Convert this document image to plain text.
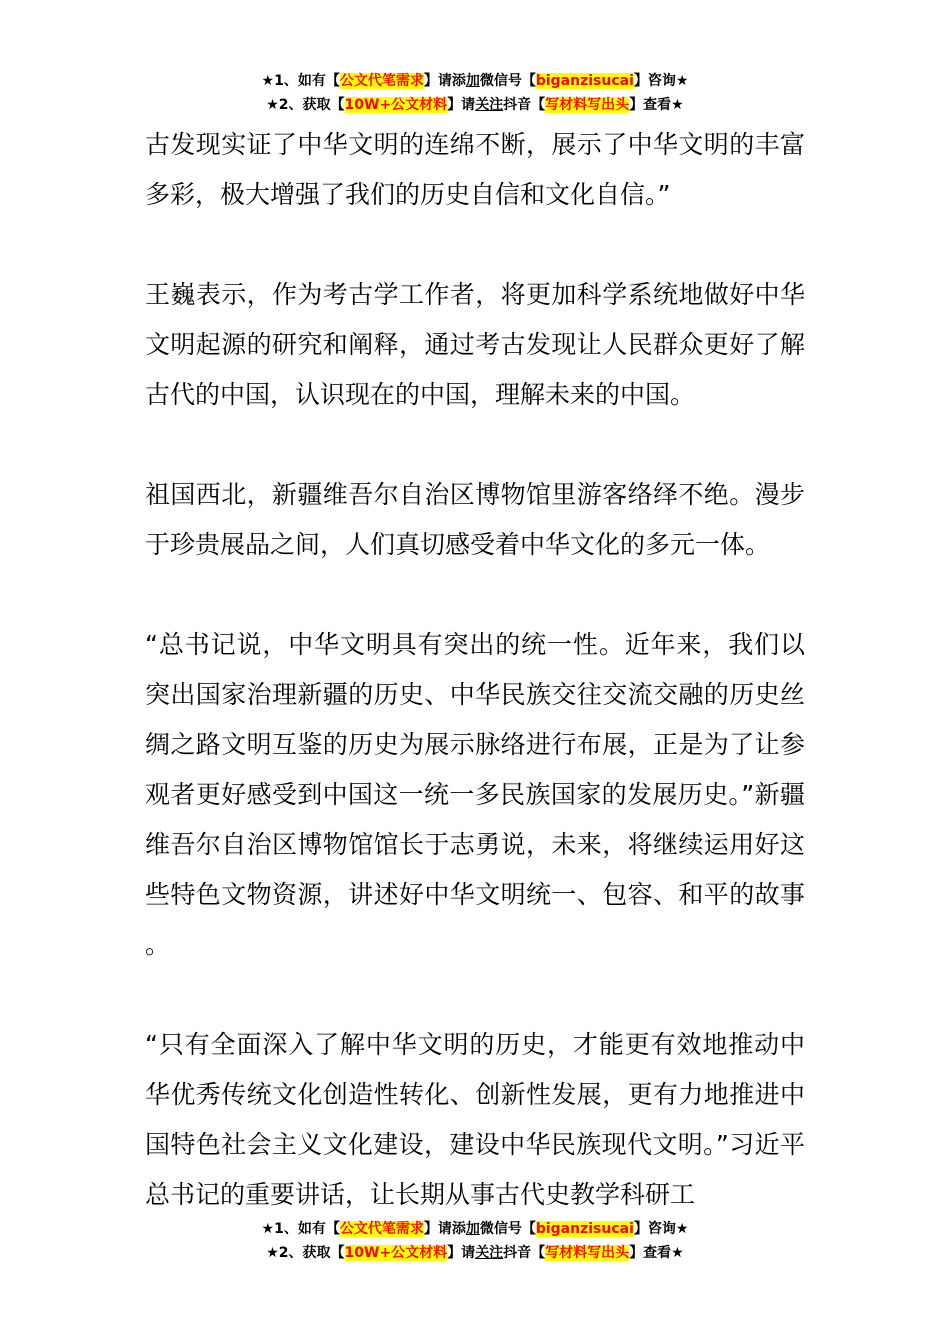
★1、如有【公文代笔需求】请添加微信号【biganzisucai】咨询★
★2、获取【10W+公文材料】请关注抖音【写材料写出头】查看★

古发现实证了中华文明的连绵不断，展示了中华文明的丰富多彩，极大增强了我们的历史自信和文化自信。”

王巍表示，作为考古学工作者，将更加科学系统地做好中华文明起源的研究和阐释，通过考古发现让人民群众更好了解古代的中国，认识现在的中国，理解未来的中国。

祖国西北，新疆维吾尔自治区博物馆里游客络绎不绝。漫步于珍贵展品之间，人们真切感受着中华文化的多元一体。

“总书记说，中华文明具有突出的统一性。近年来，我们以突出国家治理新疆的历史、中华民族交往交流交融的历史丝绸之路文明互鉴的历史为展示脉络进行布展，正是为了让参观者更好感受到中国这一统一多民族国家的发展历史。”新疆维吾尔自治区博物馆馆长于志勇说，未来，将继续运用好这些特色文物资源，讲述好中华文明统一、包容、和平的故事。

“只有全面深入了解中华文明的历史，才能更有效地推动中华优秀传统文化创造性转化、创新性发展，更有力地推进中国特色社会主义文化建设，建设中华民族现代文明。”习近平总书记的重要讲话，让长期从事古代史教学科研工

★1、如有【公文代笔需求】请添加微信号【biganzisucai】咨询★
★2、获取【10W+公文材料】请关注抖音【写材料写出头】查看★
